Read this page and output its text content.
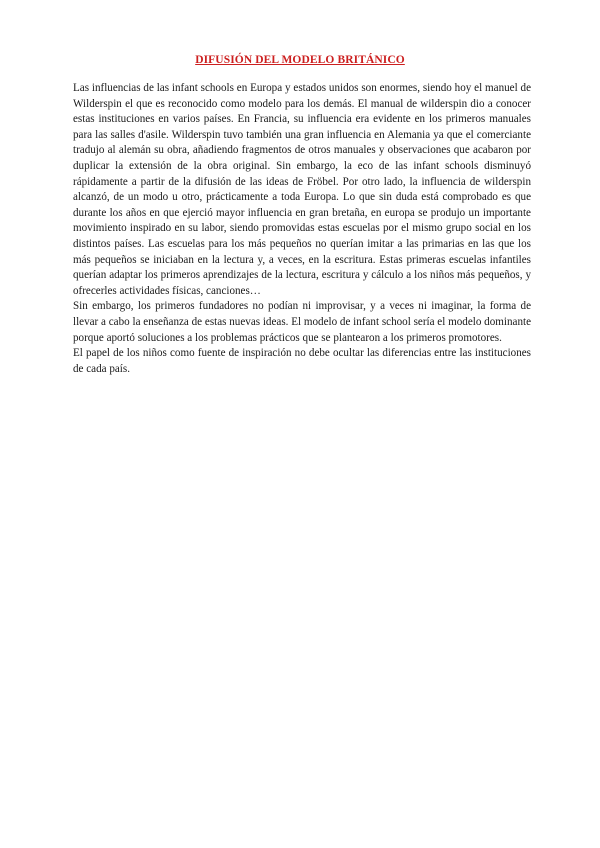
DIFUSIÓN DEL MODELO BRITÁNICO

Las influencias de las infant schools en Europa y estados unidos son enormes, siendo hoy el manuel de Wilderspin el que es reconocido como modelo para los demás. El manual de wilderspin dio a conocer estas instituciones en varios países. En Francia, su influencia era evidente en los primeros manuales para las salles d'asile. Wilderspin tuvo también una gran influencia en Alemania ya que el comerciante tradujo al alemán su obra, añadiendo fragmentos de otros manuales y observaciones que acabaron por duplicar la extensión de la obra original. Sin embargo, la eco de las infant schools disminuyó rápidamente a partir de la difusión de las ideas de Fröbel. Por otro lado, la influencia de wilderspin alcanzó, de un modo u otro, prácticamente a toda Europa. Lo que sin duda está comprobado es que durante los años en que ejerció mayor influencia en gran bretaña, en europa se produjo un importante movimiento inspirado en su labor, siendo promovidas estas escuelas por el mismo grupo social en los distintos países. Las escuelas para los más pequeños no querían imitar a las primarias en las que los más pequeños se iniciaban en la lectura y, a veces, en la escritura. Estas primeras escuelas infantiles querían adaptar los primeros aprendizajes de la lectura, escritura y cálculo a los niños más pequeños, y ofrecerles actividades físicas, canciones…

Sin embargo, los primeros fundadores no podían ni improvisar, y a veces ni imaginar, la forma de llevar a cabo la enseñanza de estas nuevas ideas. El modelo de infant school sería el modelo dominante porque aportó soluciones a los problemas prácticos que se plantearon a los primeros promotores.

El papel de los niños como fuente de inspiración no debe ocultar las diferencias entre las instituciones de cada país.
